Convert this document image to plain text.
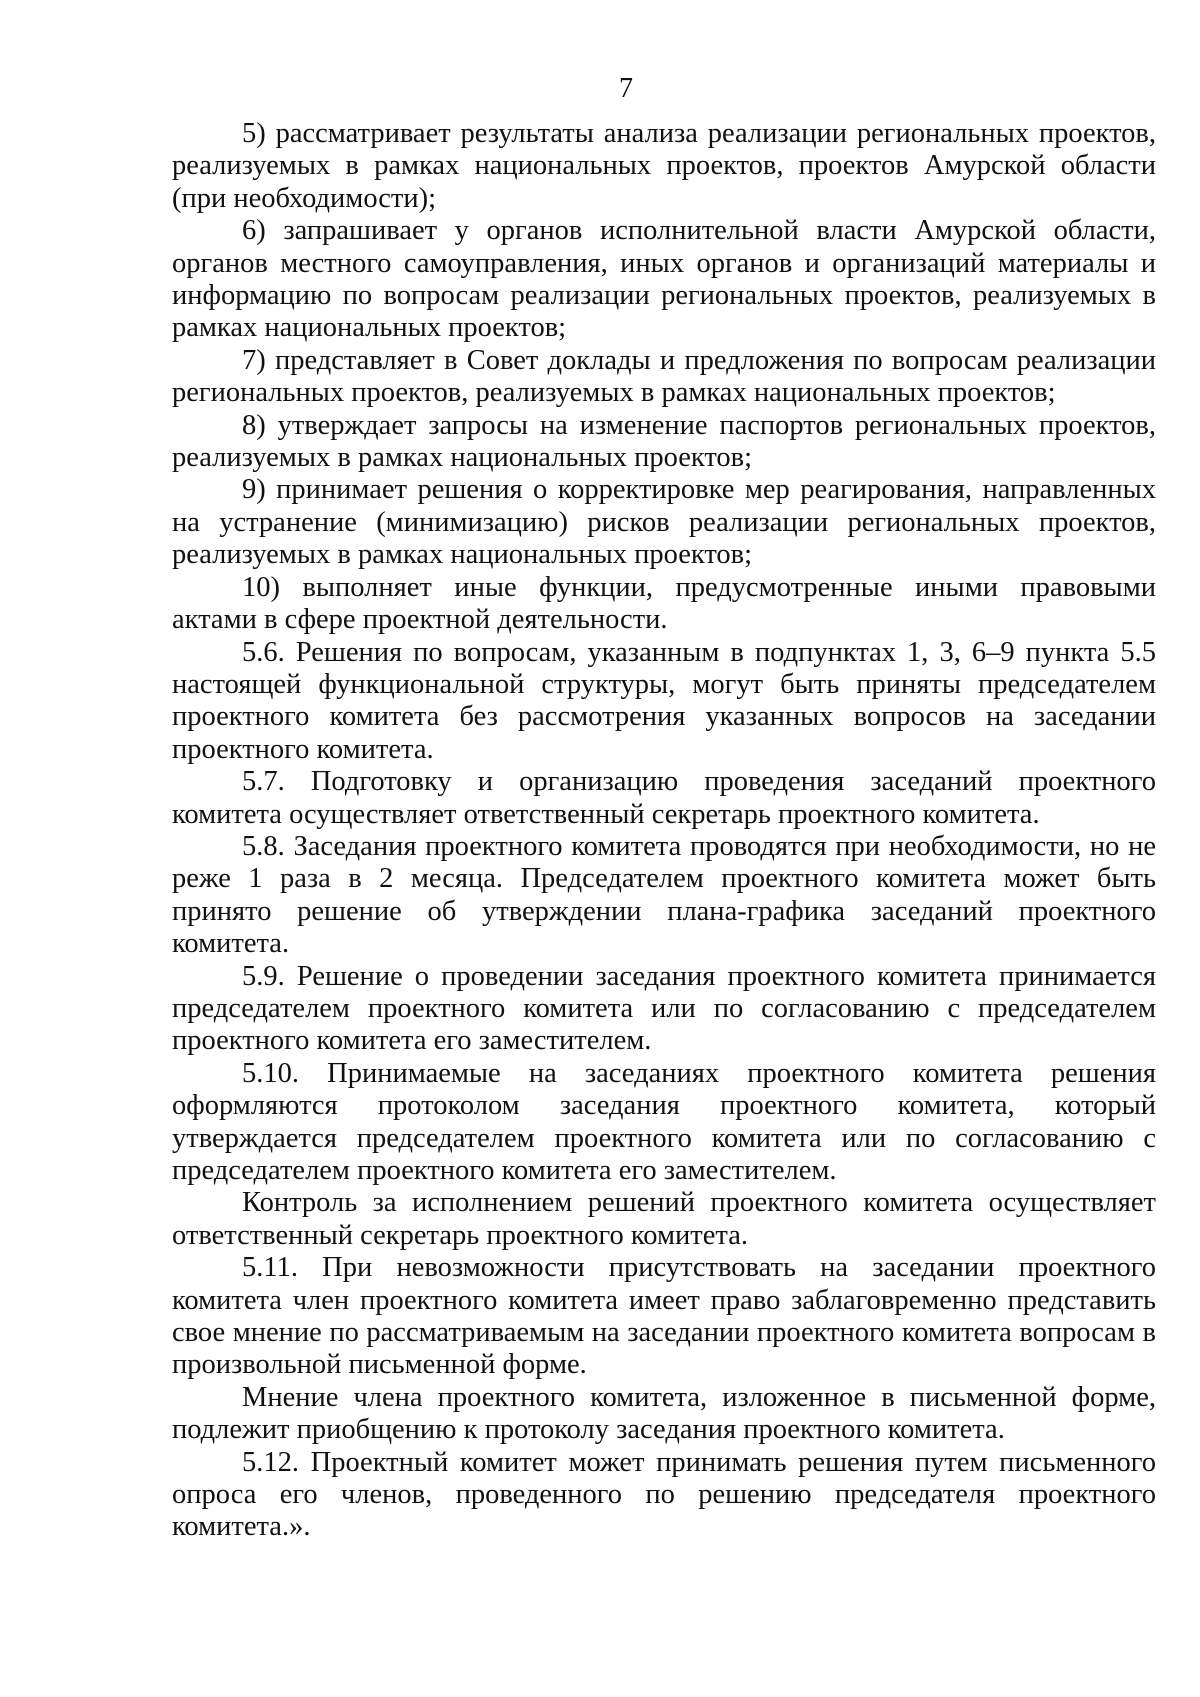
7

5) рассматривает результаты анализа реализации региональных проектов, реализуемых в рамках национальных проектов, проектов Амурской области (при необходимости);

6) запрашивает у органов исполнительной власти Амурской области, органов местного самоуправления, иных органов и организаций материалы и информацию по вопросам реализации региональных проектов, реализуемых в рамках национальных проектов;

7) представляет в Совет доклады и предложения по вопросам реализации региональных проектов, реализуемых в рамках национальных проектов;

8) утверждает запросы на изменение паспортов региональных проектов, реализуемых в рамках национальных проектов;

9) принимает решения о корректировке мер реагирования, направленных на устранение (минимизацию) рисков реализации региональных проектов, реализуемых в рамках национальных проектов;

10) выполняет иные функции, предусмотренные иными правовыми актами в сфере проектной деятельности.

5.6. Решения по вопросам, указанным в подпунктах 1, 3, 6–9 пункта 5.5 настоящей функциональной структуры, могут быть приняты председателем проектного комитета без рассмотрения указанных вопросов на заседании проектного комитета.

5.7. Подготовку и организацию проведения заседаний проектного комитета осуществляет ответственный секретарь проектного комитета.

5.8. Заседания проектного комитета проводятся при необходимости, но не реже 1 раза в 2 месяца. Председателем проектного комитета может быть принято решение об утверждении плана-графика заседаний проектного комитета.

5.9. Решение о проведении заседания проектного комитета принимается председателем проектного комитета или по согласованию с председателем проектного комитета его заместителем.

5.10. Принимаемые на заседаниях проектного комитета решения оформляются протоколом заседания проектного комитета, который утверждается председателем проектного комитета или по согласованию с председателем проектного комитета его заместителем.

Контроль за исполнением решений проектного комитета осуществляет ответственный секретарь проектного комитета.

5.11. При невозможности присутствовать на заседании проектного комитета член проектного комитета имеет право заблаговременно представить свое мнение по рассматриваемым на заседании проектного комитета вопросам в произвольной письменной форме.

Мнение члена проектного комитета, изложенное в письменной форме, подлежит приобщению к протоколу заседания проектного комитета.

5.12. Проектный комитет может принимать решения путем письменного опроса его членов, проведенного по решению председателя проектного комитета.».
